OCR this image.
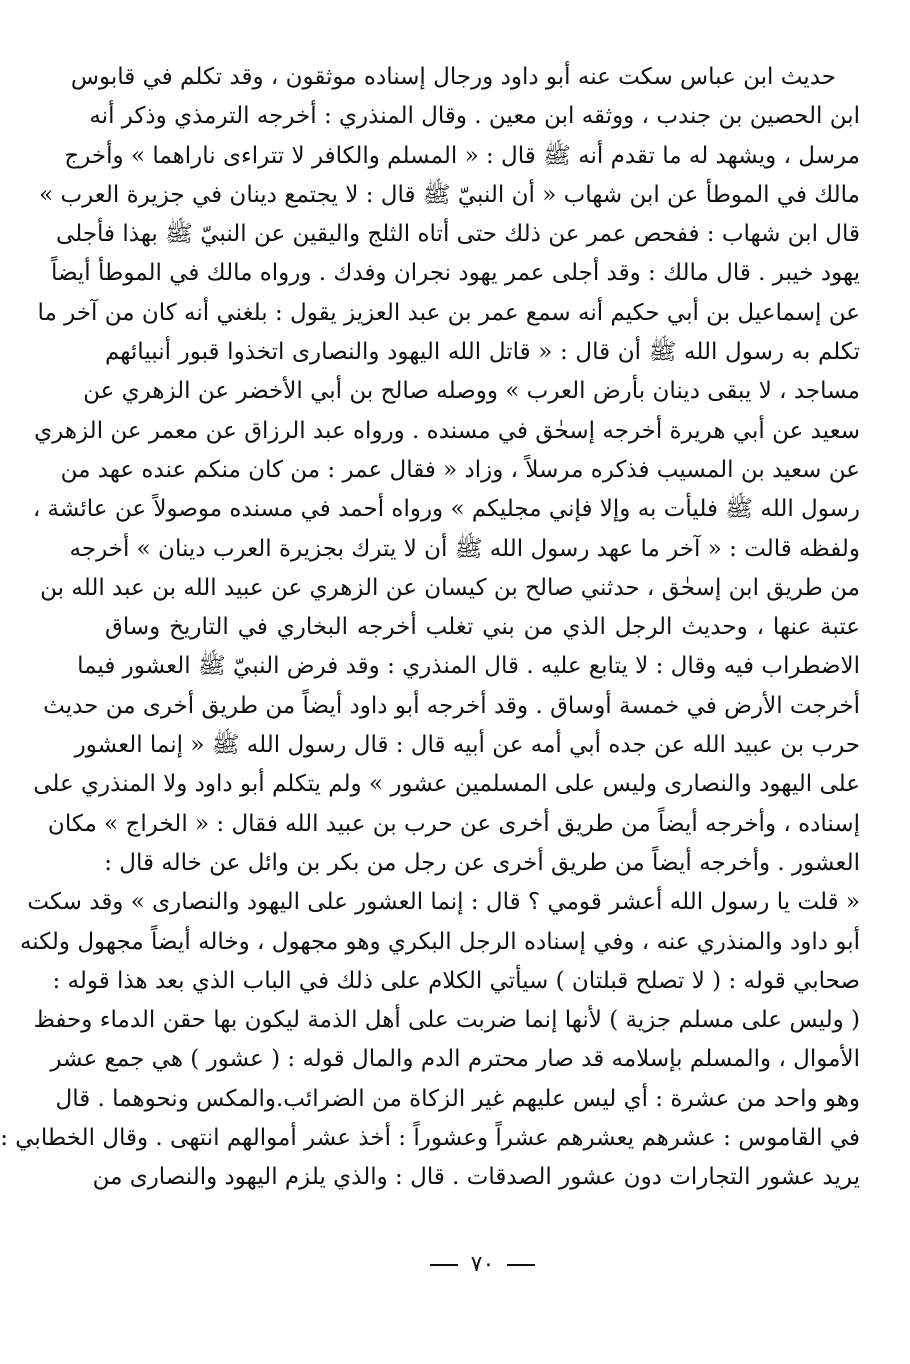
حديث ابن عباس سكت عنه أبو داود ورجال إسناده موثقون ، وقد تكلم في قابوس
ابن الحصين بن جندب ، ووثقه ابن معين . وقال المنذري : أخرجه الترمذي وذكر أنه
مرسل ، ويشهد له ما تقدم أنه ﷺ قال : « المسلم والكافر لا تتراءى ناراهما » وأخرج
مالك في الموطأ عن ابن شهاب « أن النبيّ ﷺ قال : لا يجتمع دينان في جزيرة العرب »
قال ابن شهاب : ففحص عمر عن ذلك حتى أتاه الثلج واليقين عن النبيّ ﷺ بهذا فأجلى
يهود خيبر . قال مالك : وقد أجلى عمر يهود نجران وفدك . ورواه مالك في الموطأ أيضاً
عن إسماعيل بن أبي حكيم أنه سمع عمر بن عبد العزيز يقول : بلغني أنه كان من آخر ما
تكلم به رسول الله ﷺ أن قال : « قاتل الله اليهود والنصارى اتخذوا قبور أنبيائهم
مساجد ، لا يبقى دينان بأرض العرب » ووصله صالح بن أبي الأخضر عن الزهري عن
سعيد عن أبي هريرة أخرجه إسحٰق في مسنده . ورواه عبد الرزاق عن معمر عن الزهري
عن سعيد بن المسيب فذكره مرسلاً ، وزاد « فقال عمر : من كان منكم عنده عهد من
رسول الله ﷺ فليأت به وإلا فإني مجليكم » ورواه أحمد في مسنده موصولاً عن عائشة ،
ولفظه قالت : « آخر ما عهد رسول الله ﷺ أن لا يترك بجزيرة العرب دينان » أخرجه
من طريق ابن إسحٰق ، حدثني صالح بن كيسان عن الزهري عن عبيد الله بن عبد الله بن
عتبة عنها ، وحديث الرجل الذي من بني تغلب أخرجه البخاري في التاريخ وساق
الاضطراب فيه وقال : لا يتابع عليه . قال المنذري : وقد فرض النبيّ ﷺ العشور فيما
أخرجت الأرض في خمسة أوساق . وقد أخرجه أبو داود أيضاً من طريق أخرى من حديث
حرب بن عبيد الله عن جده أبي أمه عن أبيه قال : قال رسول الله ﷺ « إنما العشور
على اليهود والنصارى وليس على المسلمين عشور » ولم يتكلم أبو داود ولا المنذري على
إسناده ، وأخرجه أيضاً من طريق أخرى عن حرب بن عبيد الله فقال : « الخراج » مكان
العشور . وأخرجه أيضاً من طريق أخرى عن رجل من بكر بن وائل عن خاله قال :
« قلت يا رسول الله أعشر قومي ؟ قال : إنما العشور على اليهود والنصارى » وقد سكت
أبو داود والمنذري عنه ، وفي إسناده الرجل البكري وهو مجهول ، وخاله أيضاً مجهول ولكنه
صحابي قوله : ( لا تصلح قبلتان ) سيأتي الكلام على ذلك في الباب الذي بعد هذا قوله :
( وليس على مسلم جزية ) لأنها إنما ضربت على أهل الذمة ليكون بها حقن الدماء وحفظ
الأموال ، والمسلم بإسلامه قد صار محترم الدم والمال قوله : ( عشور ) هي جمع عشر
وهو واحد من عشرة : أي ليس عليهم غير الزكاة من الضرائب.والمكس ونحوهما . قال
في القاموس : عشرهم يعشرهم عشراً وعشوراً : أخذ عشر أموالهم انتهى . وقال الخطابي :
يريد عشور التجارات دون عشور الصدقات . قال : والذي يلزم اليهود والنصارى من
٧٠
